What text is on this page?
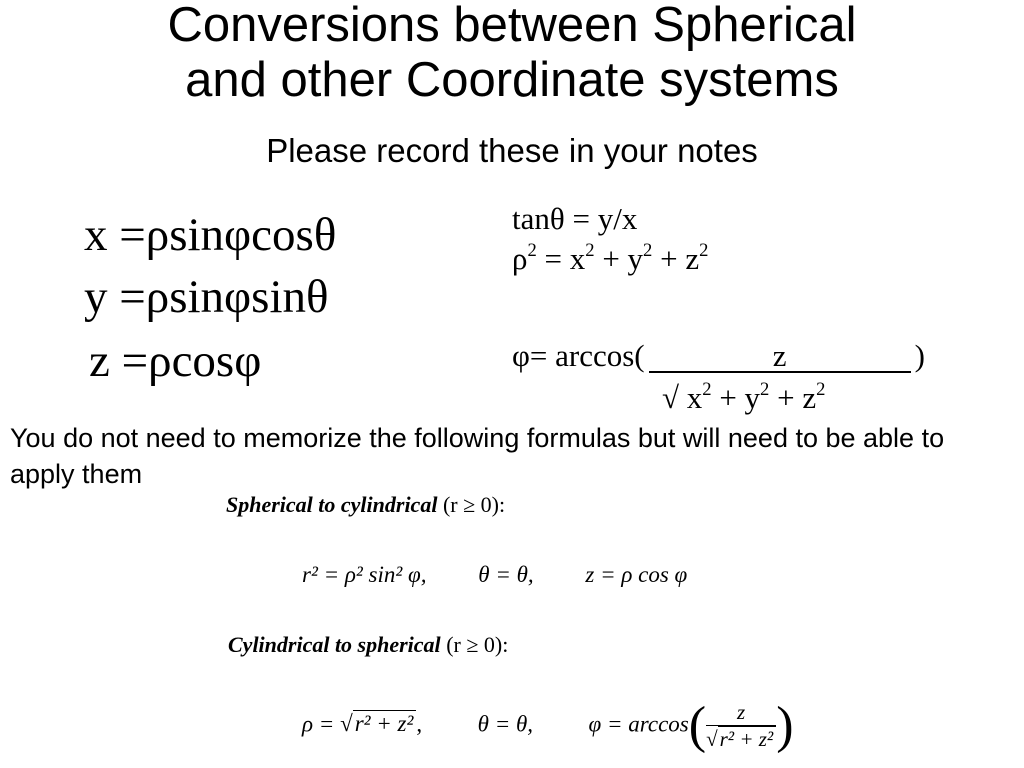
Conversions between Spherical
and other Coordinate systems
Please record these in your notes
x =ρsinφcosθ
y =ρsinφsinθ
z =ρcosφ
tanθ = y/x
$\rho^2 = x^2 + y^2 + z^2$
φ= arccos(	z	)
√ $x^2 + y^2 + z^2$
You do not need to memorize the following formulas but will need to be able to apply them
Spherical to cylindrical (r ≥ 0):
r² = ρ² sin² φ, θ = θ, z = ρ cos φ
Cylindrical to spherical (r ≥ 0):
ρ = √r² + z² , θ = θ, $\varphi = \arccos( \frac{z}{\text{√r² + z²}}$ )
